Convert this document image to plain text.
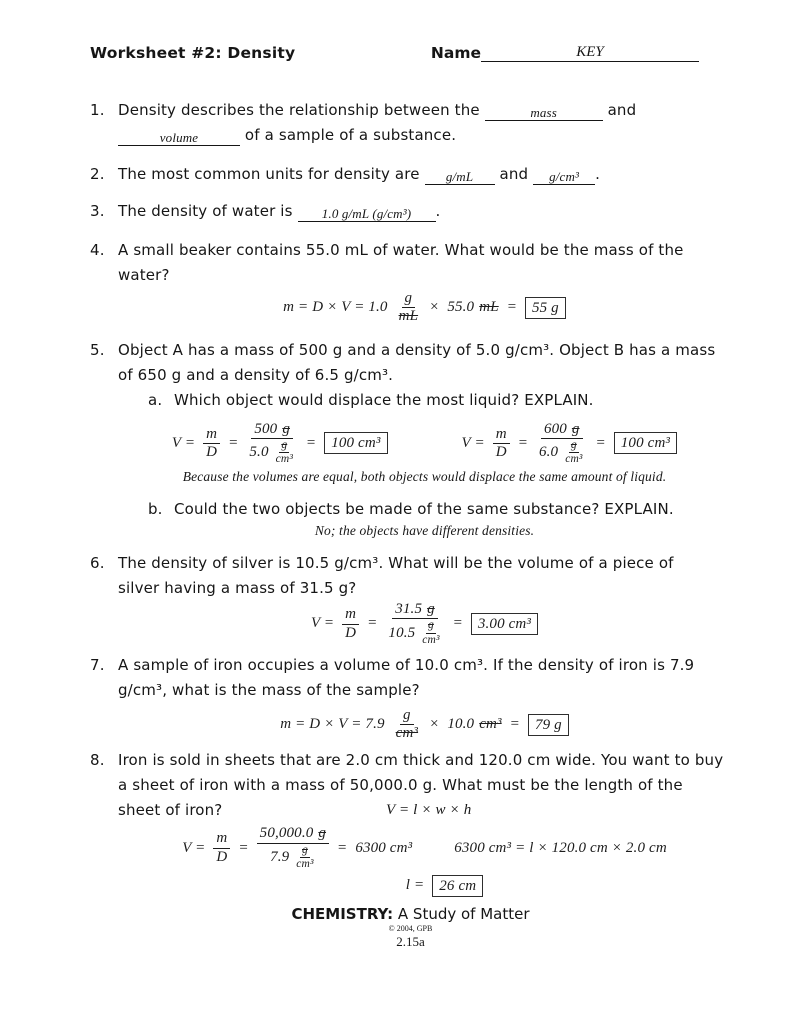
Worksheet #2: Density	Name	KEY
1. Density describes the relationship between the	mass	and
volume	of a sample of a substance.
2. The most common units for density are g/mL and g/cm³ .
3. The density of water is 1.0 g/mL (g/cm³) .
4. A small beaker contains 55.0 mL of water. What would be the mass of the
water?
$m = D \times V = 1.0 \frac{g}{mL} \times 55.0$ mL =	55 g
5. Object A has a mass of 500 g and a density of 5.0 g/cm³. Object B has a mass
of 650 g and a density of 6.5 g/cm³.
a. Which object would displace the most liquid? EXPLAIN.
$V = \frac{m}{D}$ =
500 g
$5.0 \frac{g}{\text{cm³}}$ =	100 cm³	$V = \frac{m}{D}$ =
600 g
$6.0 \frac{g}{\text{cm³}}$ =	100 cm³
Because the volumes are equal, both objects would displace the same amount of liquid.
b. Could the two objects be made of the same substance? EXPLAIN.
No; the objects have different densities.
6. The density of silver is 10.5 g/cm³. What will be the volume of a piece of
silver having a mass of 31.5 g?
$V = \frac{m}{D} = \frac{31.5 g}{10.5 \frac{g}{\text{cm³}}}$ =	3.00 cm³
7. A sample of iron occupies a volume of 10.0 cm³. If the density of iron is 7.9
g/cm³, what is the mass of the sample?
$m = D \times V = 7.9 \frac{g}{\text{cm³}} \times 10.0$ cm³ =	79 g
8. Iron is sold in sheets that are 2.0 cm thick and 120.0 cm wide. You want to buy
a sheet of iron with a mass of 50,000.0 g. What must be the length of the
sheet of iron?	V = l × w × h
$V = \frac{m}{D}$ =
50,000.0 g
$7.9 \frac{g}{\text{cm³}} = 6300$ cm³	6300 cm³ = l × 120.0 cm × 2.0 cm
l =	26 cm
CHEMISTRY: A Study of Matter
© 2004, GPB
2.15a
